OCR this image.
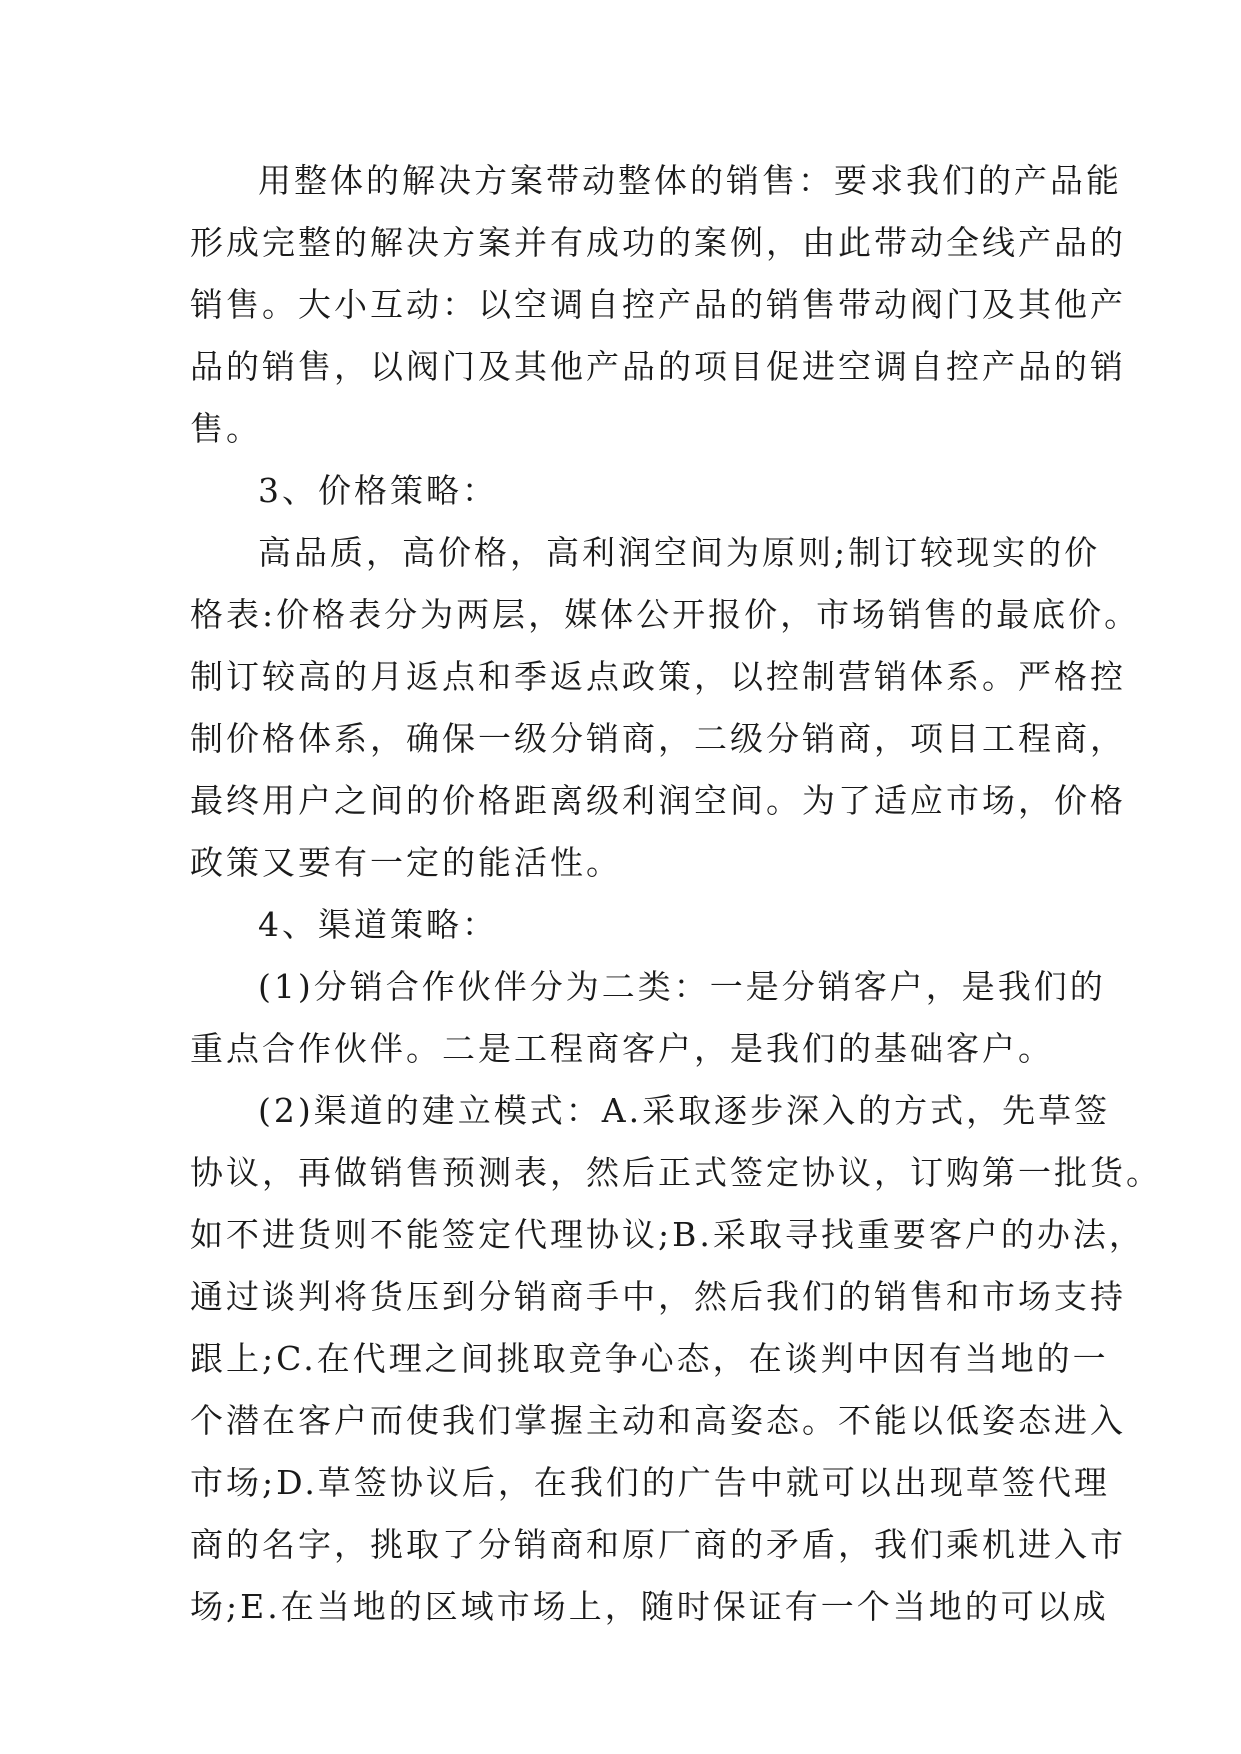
用整体的解决方案带动整体的销售：要求我们的产品能
形成完整的解决方案并有成功的案例，由此带动全线产品的
销售。大小互动：以空调自控产品的销售带动阀门及其他产
品的销售，以阀门及其他产品的项目促进空调自控产品的销
售。
3、价格策略：
高品质，高价格，高利润空间为原则;制订较现实的价
格表:价格表分为两层，媒体公开报价，市场销售的最底价。
制订较高的月返点和季返点政策，以控制营销体系。严格控
制价格体系，确保一级分销商，二级分销商，项目工程商，
最终用户之间的价格距离级利润空间。为了适应市场，价格
政策又要有一定的能活性。
4、渠道策略：
(1)分销合作伙伴分为二类：一是分销客户，是我们的
重点合作伙伴。二是工程商客户，是我们的基础客户。
(2)渠道的建立模式：A.采取逐步深入的方式，先草签
协议，再做销售预测表，然后正式签定协议，订购第一批货。
如不进货则不能签定代理协议;B.采取寻找重要客户的办法，
通过谈判将货压到分销商手中，然后我们的销售和市场支持
跟上;C.在代理之间挑取竞争心态，在谈判中因有当地的一
个潜在客户而使我们掌握主动和高姿态。不能以低姿态进入
市场;D.草签协议后，在我们的广告中就可以出现草签代理
商的名字，挑取了分销商和原厂商的矛盾，我们乘机进入市
场;E.在当地的区域市场上，随时保证有一个当地的可以成
